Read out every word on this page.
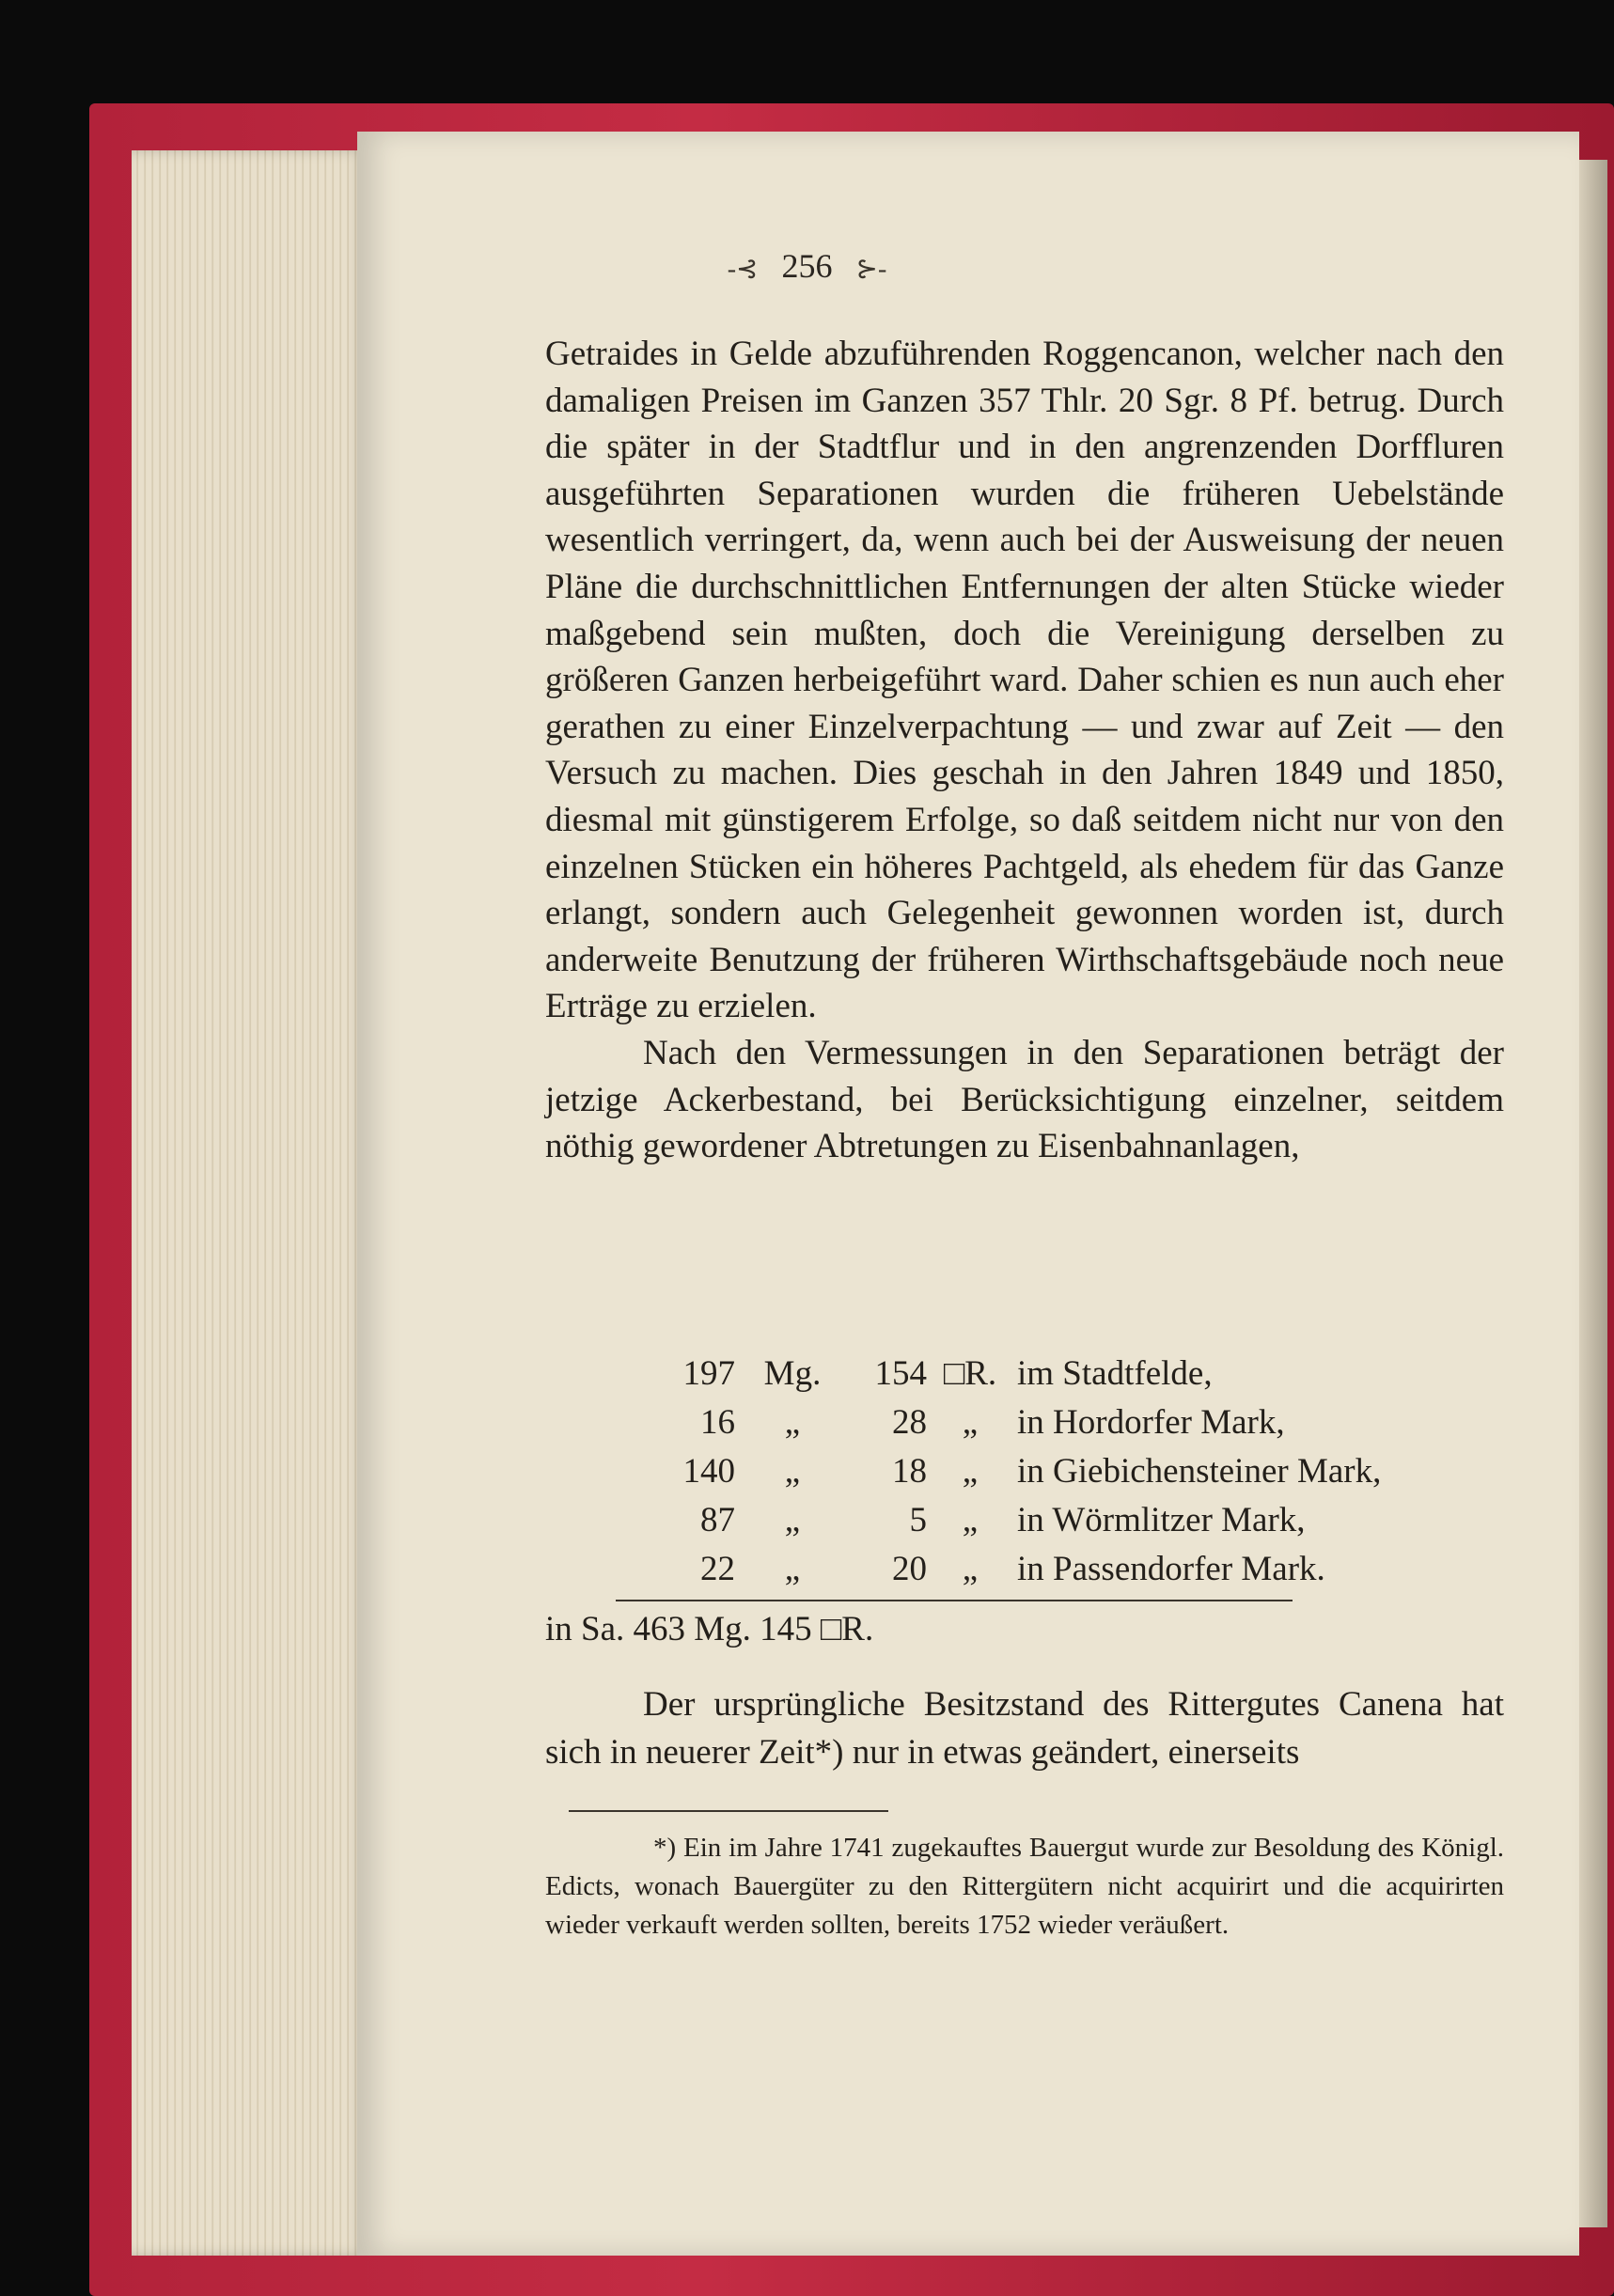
-⊰ 256 ⊱-

Getraides in Gelde abzuführenden Roggencanon, welcher nach den damaligen Preisen im Ganzen 357 Thlr. 20 Sgr. 8 Pf. betrug. Durch die später in der Stadtflur und in den angrenzenden Dorffluren ausgeführten Separationen wurden die früheren Uebelstände wesentlich verringert, da, wenn auch bei der Ausweisung der neuen Pläne die durchschnittlichen Entfernungen der alten Stücke wieder maßgebend sein mußten, doch die Vereinigung derselben zu größeren Ganzen herbeigeführt ward. Daher schien es nun auch eher gerathen zu einer Einzelverpachtung — und zwar auf Zeit — den Versuch zu machen. Dies geschah in den Jahren 1849 und 1850, diesmal mit günstigerem Erfolge, so daß seitdem nicht nur von den einzelnen Stücken ein höheres Pachtgeld, als ehedem für das Ganze erlangt, sondern auch Gelegenheit gewonnen worden ist, durch anderweite Benutzung der früheren Wirthschaftsgebäude noch neue Erträge zu erzielen.

Nach den Vermessungen in den Separationen beträgt der jetzige Ackerbestand, bei Berücksichtigung einzelner, seitdem nöthig gewordener Abtretungen zu Eisenbahnanlagen,

197 Mg.	154 □R. im Stadtfelde,
16	„	28	„	in Hordorfer Mark,
140	„	18	„	in Giebichensteiner Mark,
87	„	5	„	in Wörmlitzer Mark,
22	„	20	„	in Passendorfer Mark.
in Sa. 463 Mg. 145 □R.

Der ursprüngliche Besitzstand des Rittergutes Canena hat sich in neuerer Zeit*) nur in etwas geändert, einerseits

*) Ein im Jahre 1741 zugekauftes Bauergut wurde zur Besoldung des Königl. Edicts, wonach Bauergüter zu den Rittergütern nicht acquirirt und die acquirirten wieder verkauft werden sollten, bereits 1752 wieder veräußert.
